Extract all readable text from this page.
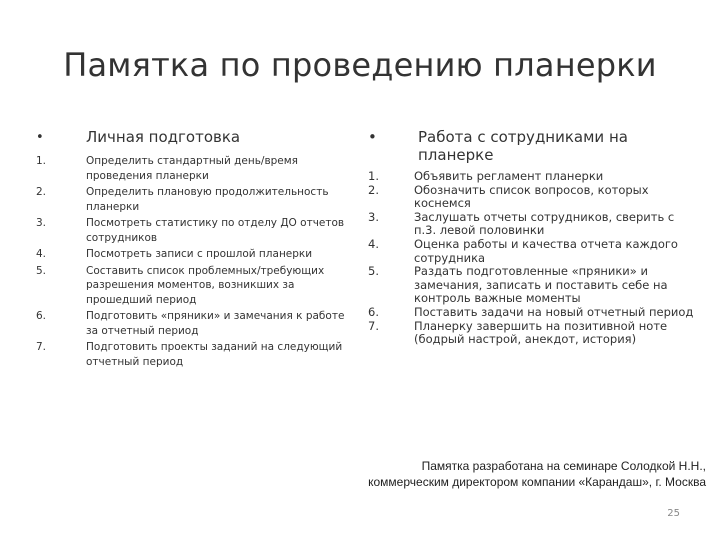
Памятка по проведению планерки
•	Личная подготовка
1.	Определить стандартный день/время проведения планерки
2.	Определить плановую продолжительность планерки
3.	Посмотреть статистику по отделу ДО отчетов сотрудников
4.	Посмотреть записи с прошлой планерки
5.	Составить список проблемных/требующих разрешения моментов, возникших за прошедший период
6.	Подготовить «пряники» и замечания к работе за отчетный период
7.	Подготовить проекты заданий на следующий отчетный период
•	Работа с сотрудниками на планерке
1.	Объявить регламент планерки
2.	Обозначить список вопросов, которых коснемся
3.	Заслушать отчеты сотрудников, сверить с п.3. левой половинки
4.	Оценка работы и качества отчета каждого сотрудника
5.	Раздать подготовленные «пряники» и замечания, записать и поставить себе на контроль важные моменты
6.	Поставить задачи на новый отчетный период
7.	Планерку завершить на позитивной ноте (бодрый настрой, анекдот, история)
Памятка разработана на семинаре Солодкой Н.Н.,
коммерческим директором компании «Карандаш», г. Москва
25
